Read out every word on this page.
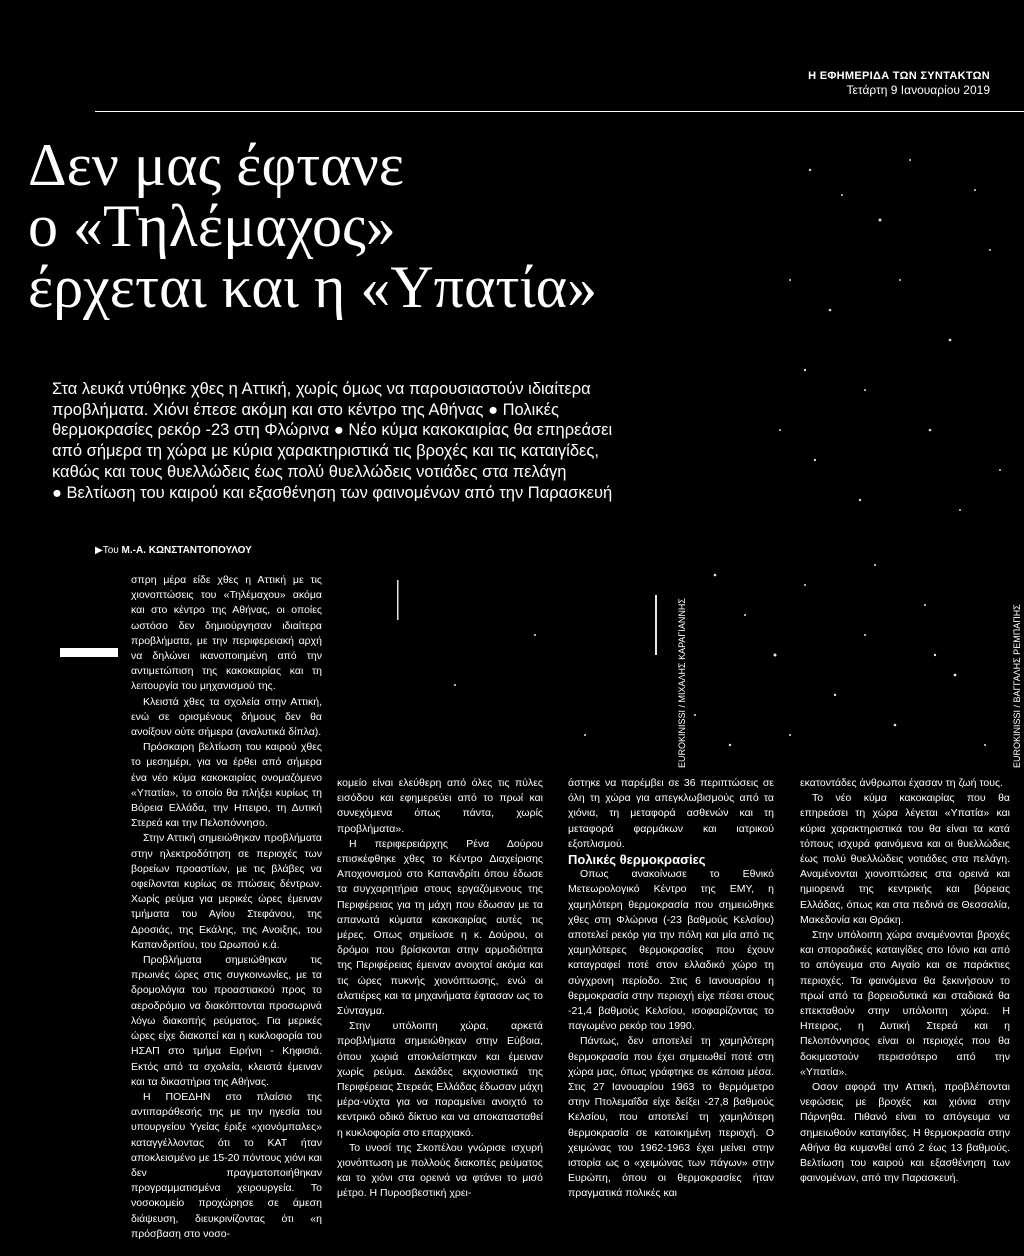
Η ΕΦΗΜΕΡΙΔΑ ΤΩΝ ΣΥΝΤΑΚΤΩΝ
Τετάρτη 9 Ιανουαρίου 2019
EUROKINISSI / ΜΙΧΑΛΗΣ ΚΑΡΑΓΙΑΝΝΗΣ	EUROKINISSI / ΒΑΓΓΑΛΗΣ ΡΕΜΠΑΠΗΣ
Δεν μας έφτανε
ο «Τηλέμαχος»
έρχεται και η «Υπατία»
Στα λευκά ντύθηκε χθες η Αττική, χωρίς όμως να παρουσιαστούν ιδιαίτερα
προβλήματα. Χιόνι έπεσε ακόμη και στο κέντρο της Αθήνας ● Πολικές
θερμοκρασίες ρεκόρ -23 στη Φλώρινα ● Νέο κύμα κακοκαιρίας θα επηρεάσει
από σήμερα τη χώρα με κύρια χαρακτηριστικά τις βροχές και τις καταιγίδες,
καθώς και τους θυελλώδεις έως πολύ θυελλώδεις νοτιάδες στα πελάγη
● Βελτίωση του καιρού και εξασθένηση των φαινομένων από την Παρασκευή
▶Του Μ.-Α. ΚΩΝΣΤΑΝΤΟΠΟΥΛΟΥ

σπρη μέρα είδε χθες η Αττική με τις χιονοπτώσεις του «Τηλέμαχου» ακόμα και στο κέντρο της Αθήνας, οι οποίες ωστόσο δεν δημιούργησαν ιδιαίτερα προβλήματα, με την περιφερειακή αρχή να δηλώνει ικανοποιημένη από την αντιμετώπιση της κακοκαιρίας και τη λειτουργία του μηχανισμού της.

Κλειστά χθες τα σχολεία στην Αττική, ενώ σε ορισμένους δήμους δεν θα ανοίξουν ούτε σήμερα (αναλυτικά δίπλα).

Πρόσκαιρη βελτίωση του καιρού χθες το μεσημέρι, για να έρθει από σήμερα ένα νέο κύμα κακοκαιρίας ονομαζόμενο «Υπατία», το οποίο θα πλήξει κυρίως τη Βόρεια Ελλάδα, την Ηπειρο, τη Δυτική Στερεά και την Πελοπόννησο.

Στην Αττική σημειώθηκαν προβλήματα στην ηλεκτροδότηση σε περιοχές των βορείων προαστίων, με τις βλάβες να οφείλονται κυρίως σε πτώσεις δέντρων. Χωρίς ρεύμα για μερικές ώρες έμειναν τμήματα του Αγίου Στεφάνου, της Δροσιάς, της Εκάλης, της Ανοιξης, του Καπανδριτίου, του Ωρωπού κ.ά.

Προβλήματα σημειώθηκαν τις πρωινές ώρες στις συγκοινωνίες, με τα δρομολόγια του προαστιακού προς το αεροδρόμιο να διακόπτονται προσωρινά λόγω διακοπής ρεύματος. Για μερικές ώρες είχε διακοπεί και η κυκλοφορία του ΗΣΑΠ στο τμήμα Ειρήνη - Κηφισιά. Εκτός από τα σχολεία, κλειστά έμειναν και τα δικαστήρια της Αθήνας.

Η ΠΟΕΔΗΝ στο πλαίσιο της αντιπαράθεσής της με την ηγεσία του υπουργείου Υγείας έριξε «χιονόμπαλες» καταγγέλλοντας ότι το ΚΑΤ ήταν αποκλεισμένο με 15-20 πόντους χιόνι και δεν πραγματοποιήθηκαν προγραμματισμένα χειρουργεία. Το νοσοκομείο προχώρησε σε άμεση διάψευση, διευκρινίζοντας ότι «η πρόσβαση στο νοσο-

κομείο είναι ελεύθερη από όλες τις πύλες εισόδου και εφημερεύει από το πρωί και συνεχόμενα όπως πάντα, χωρίς προβλήματα».

Η περιφερειάρχης Ρένα Δούρου επισκέφθηκε χθες το Κέντρο Διαχείρισης Αποχιονισμού στο Καπανδρίτι όπου έδωσε τα συγχαρητήρια στους εργαζόμενους της Περιφέρειας για τη μάχη που έδωσαν με τα απανωτά κύματα κακοκαιρίας αυτές τις μέρες. Οπως σημείωσε η κ. Δούρου, οι δρόμοι που βρίσκονται στην αρμοδιότητα της Περιφέρειας έμειναν ανοιχτοί ακόμα και τις ώρες πυκνής χιονόπτωσης, ενώ οι αλατιέρες και τα μηχανήματα έφτασαν ως το Σύνταγμα.

Στην υπόλοιπη χώρα, αρκετά προβλήματα σημειώθηκαν στην Εύβοια, όπου χωριά αποκλείστηκαν και έμειναν χωρίς ρεύμα. Δεκάδες εκχιονιστικά της Περιφέρειας Στερεάς Ελλάδας έδωσαν μάχη μέρα-νύχτα για να παραμείνει ανοιχτό το κεντρικό οδικό δίκτυο και να αποκατασταθεί η κυκλοφορία στο επαρχιακό.

Το υνοσί της Σκοπέλου γνώρισε ισχυρή χιονόπτωση με πολλούς διακοπές ρεύματος και το χιόνι στα ορεινά να φτάνει το μισό μέτρο. Η Πυροσβεστική χρει-

άστηκε να παρέμβει σε 36 περιπτώσεις σε όλη τη χώρα για απεγκλωβισμούς από τα χιόνια, τη μεταφορά ασθενών και τη μεταφορά φαρμάκων και ιατρικού εξοπλισμού.

Πολικές θερμοκρασίες

Οπως ανακοίνωσε το Εθνικό Μετεωρολογικό Κέντρο της ΕΜΥ, η χαμηλότερη θερμοκρασία που σημειώθηκε χθες στη Φλώρινα (-23 βαθμούς Κελσίου) αποτελεί ρεκόρ για την πόλη και μία από τις χαμηλότερες θερμοκρασίες που έχουν καταγραφεί ποτέ στον ελλαδικό χώρο τη σύγχρονη περίοδο. Στις 6 Ιανουαρίου η θερμοκρασία στην περιοχή είχε πέσει στους -21,4 βαθμούς Κελσίου, ισοφαρίζοντας το παγωμένο ρεκόρ του 1990.

Πάντως, δεν αποτελεί τη χαμηλότερη θερμοκρασία που έχει σημειωθεί ποτέ στη χώρα μας, όπως γράφτηκε σε κάποια μέσα. Στις 27 Ιανουαρίου 1963 το θερμόμετρο στην Πτολεμαΐδα είχε δείξει -27,8 βαθμούς Κελσίου, που αποτελεί τη χαμηλότερη θερμοκρασία σε κατοικημένη περιοχή. Ο χειμώνας του 1962-1963 έχει μείνει στην ιστορία ως ο «χειμώνας των πάγων» στην Ευρώπη, όπου οι θερμοκρασίες ήταν πραγματικά πολικές και

εκατοντάδες άνθρωποι έχασαν τη ζωή τους.

Το νέο κύμα κακοκαιρίας που θα επηρεάσει τη χώρα λέγεται «Υπατία» και κύρια χαρακτηριστικά του θα είναι τα κατά τόπους ισχυρά φαινόμενα και οι θυελλώδεις έως πολύ θυελλώδεις νοτιάδες στα πελάγη. Αναμένονται χιονοπτώσεις στα ορεινά και ημιορεινά της κεντρικής και βόρειας Ελλάδας, όπως και στα πεδινά σε Θεσσαλία, Μακεδονία και Θράκη.

Στην υπόλοιπη χώρα αναμένονται βροχές και σποραδικές καταιγίδες στο Ιόνιο και από το απόγευμα στο Αιγαίο και σε παράκτιες περιοχές. Τα φαινόμενα θα ξεκινήσουν το πρωί από τα βορειοδυτικά και σταδιακά θα επεκταθούν στην υπόλοιπη χώρα. Η Ηπειρος, η Δυτική Στερεά και η Πελοπόννησος είναι οι περιοχές που θα δοκιμαστούν περισσότερο από την «Υπατία».

Οσον αφορά την Αττική, προβλέπονται νεφώσεις με βροχές και χιόνια στην Πάρνηθα. Πιθανό είναι το απόγευμα να σημειωθούν καταιγίδες. Η θερμοκρασία στην Αθήνα θα κυμανθεί από 2 έως 13 βαθμούς. Βελτίωση του καιρού και εξασθένηση των φαινομένων, από την Παρασκευή.
